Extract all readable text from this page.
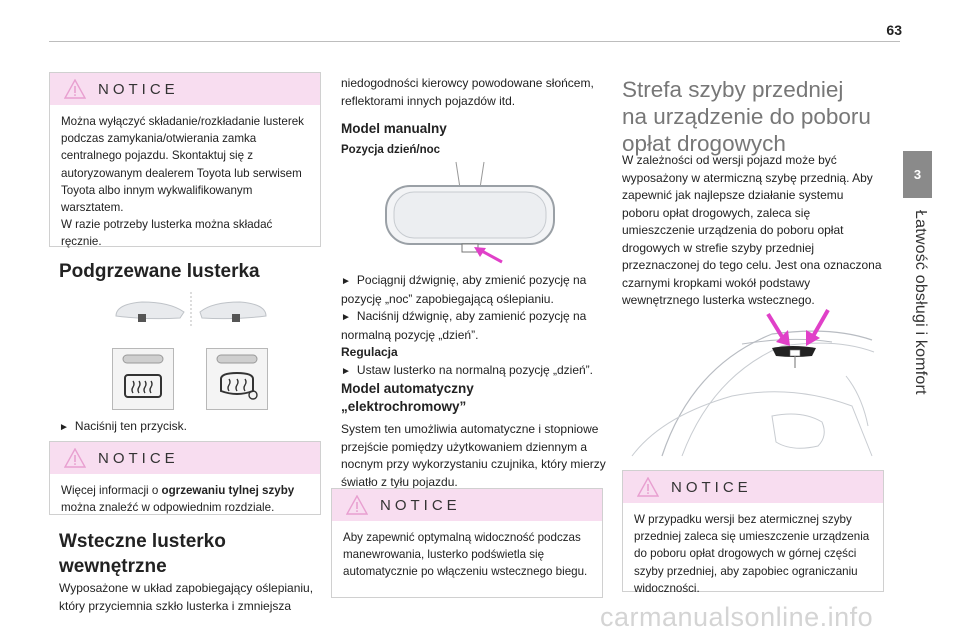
63
3
Łatwość obsługi i komfort
NOTICE
Można wyłączyć składanie/rozkładanie lusterek podczas zamykania/otwierania zamka centralnego pojazdu. Skontaktuj się z autoryzowanym dealerem Toyota lub serwisem Toyota albo innym wykwalifikowanym warsztatem.
W razie potrzeby lusterka można składać ręcznie.
Podgrzewane lusterka
► Naciśnij ten przycisk.
NOTICE
Więcej informacji o ogrzewaniu tylnej szyby można znaleźć w odpowiednim rozdziale.
Wsteczne lusterko
wewnętrzne
Wyposażone w układ zapobiegający oślepianiu, który przyciemnia szkło lusterka i zmniejsza
niedogodności kierowcy powodowane słońcem, reflektorami innych pojazdów itd.
Model manualny
Pozycja dzień/noc
► Pociągnij dźwignię, aby zmienić pozycję na pozycję „noc” zapobiegającą oślepianiu.
► Naciśnij dźwignię, aby zamienić pozycję na normalną pozycję „dzień”.
Regulacja
► Ustaw lusterko na normalną pozycję „dzień”.
Model automatyczny
„elektrochromowy”
System ten umożliwia automatyczne i stopniowe przejście pomiędzy użytkowaniem dziennym a nocnym przy wykorzystaniu czujnika, który mierzy światło z tyłu pojazdu.
NOTICE
Aby zapewnić optymalną widoczność podczas manewrowania, lusterko podświetla się automatycznie po włączeniu wstecznego biegu.
Strefa szyby przedniej
na urządzenie do poboru
opłat drogowych
W zależności od wersji pojazd może być wyposażony w atermiczną szybę przednią. Aby zapewnić jak najlepsze działanie systemu poboru opłat drogowych, zaleca się umieszczenie urządzenia do poboru opłat drogowych w strefie szyby przedniej przeznaczonej do tego celu. Jest ona oznaczona czarnymi kropkami wokół podstawy wewnętrznego lusterka wstecznego.
NOTICE
W przypadku wersji bez atermicznej szyby przedniej zaleca się umieszczenie urządzenia do poboru opłat drogowych w górnej części szyby przedniej, aby zapobiec ograniczaniu widoczności.
carmanualsonline.info
